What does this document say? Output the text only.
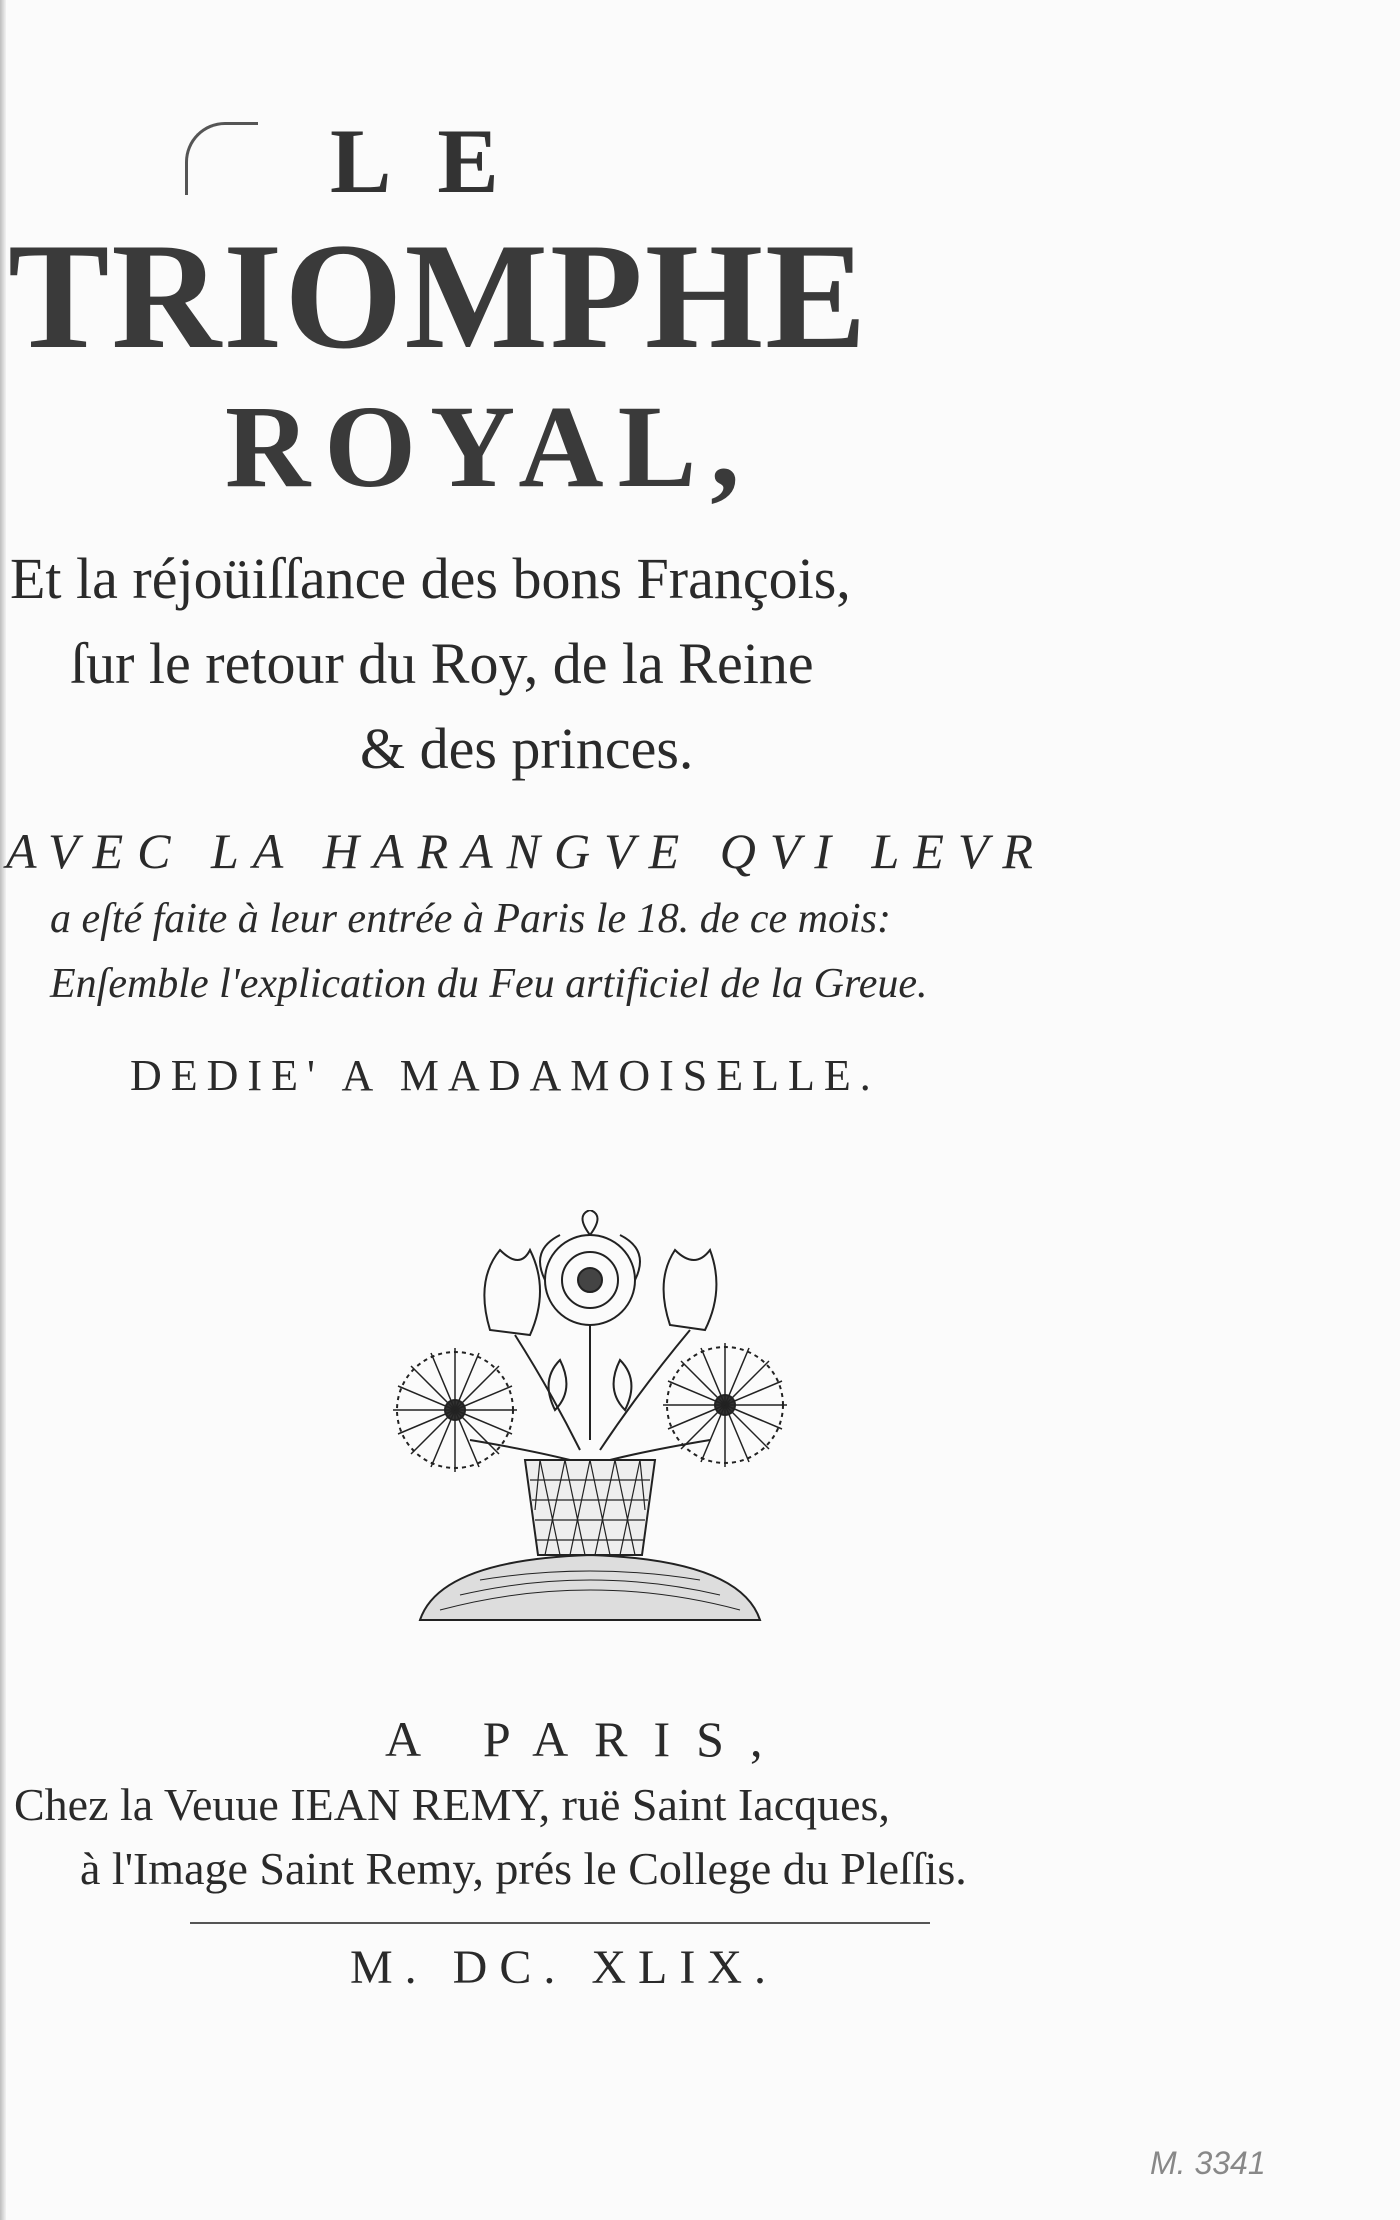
LE
TRIOMPHE
ROYAL,
Et la réjoüiſſance des bons François,
ſur le retour du Roy, de la Reine
& des princes.
AVEC LA HARANGVE QVI LEVR
a eſté faite à leur entrée à Paris le 18. de ce mois:
Enſemble l'explication du Feu artificiel de la Greue.
DEDIE' A MADAMOISELLE.
A PARIS,
Chez la Veuue IEAN REMY, ruë Saint Iacques,
à l'Image Saint Remy, prés le College du Pleſſis.
M. DC. XLIX.
M. 3341
